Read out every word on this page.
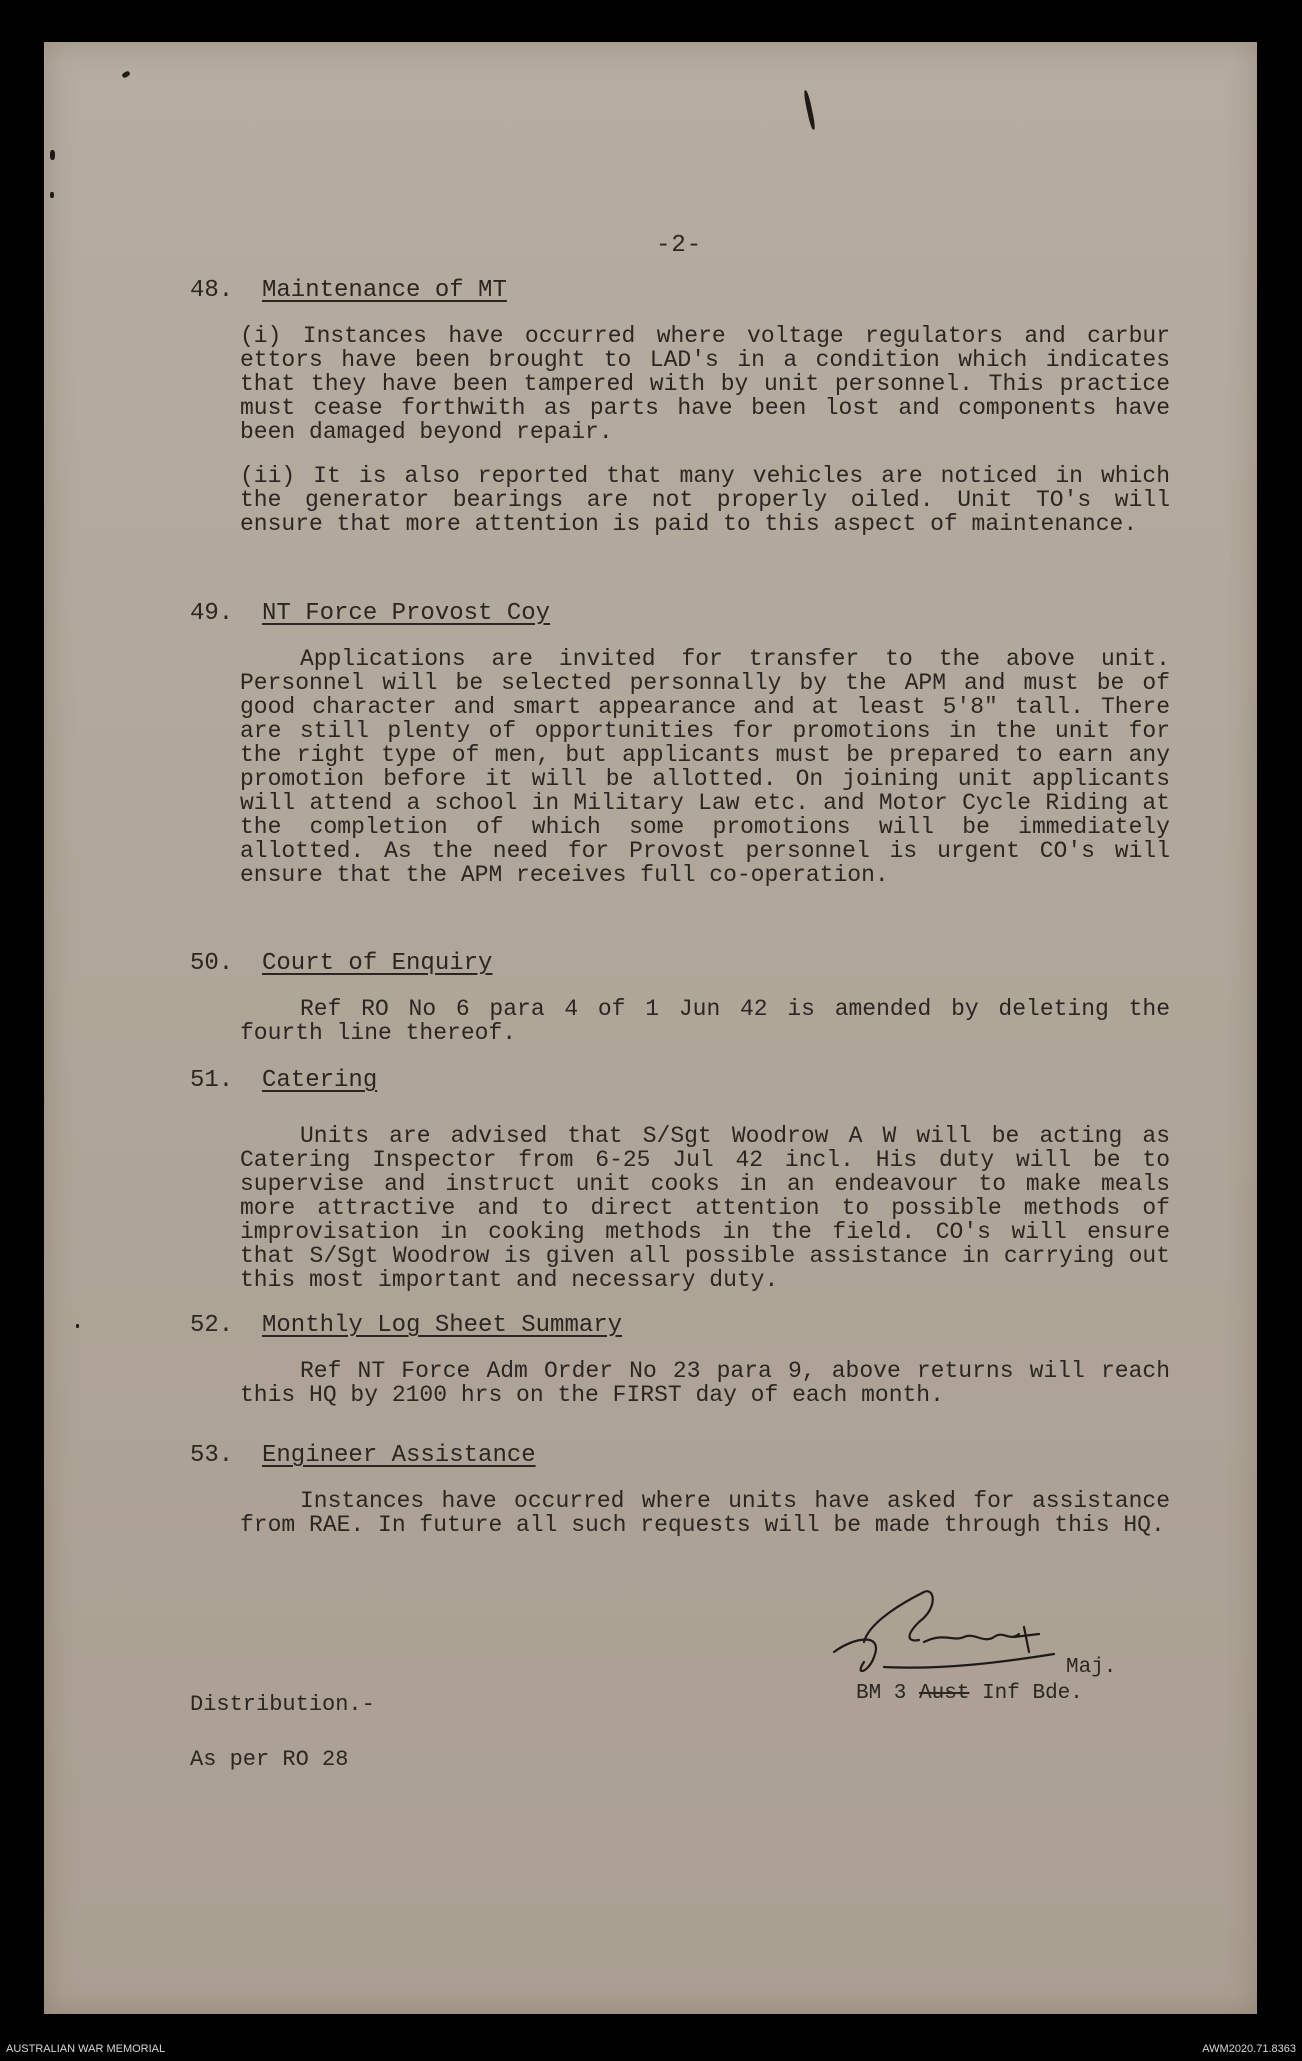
-2-
48. Maintenance of MT
(i) Instances have occurred where voltage regulators and carbur ettors have been brought to LAD's in a condition which indicates that they have been tampered with by unit personnel. This practice must cease forthwith as parts have been lost and components have been damaged beyond repair.
(ii) It is also reported that many vehicles are noticed in which the generator bearings are not properly oiled. Unit TO's will ensure that more attention is paid to this aspect of maintenance.
49. NT Force Provost Coy
Applications are invited for transfer to the above unit. Personnel will be selected personnally by the APM and must be of good character and smart appearance and at least 5'8" tall. There are still plenty of opportunities for promotions in the unit for the right type of men, but applicants must be prepared to earn any promotion before it will be allotted. On joining unit applicants will attend a school in Military Law etc. and Motor Cycle Riding at the completion of which some promotions will be immediately allotted. As the need for Provost personnel is urgent CO's will ensure that the APM receives full co-operation.
50. Court of Enquiry
Ref RO No 6 para 4 of 1 Jun 42 is amended by deleting the fourth line thereof.
51. Catering
Units are advised that S/Sgt Woodrow A W will be acting as Catering Inspector from 6-25 Jul 42 incl. His duty will be to supervise and instruct unit cooks in an endeavour to make meals more attractive and to direct attention to possible methods of improvisation in cooking methods in the field. CO's will ensure that S/Sgt Woodrow is given all possible assistance in carrying out this most important and necessary duty.
52. Monthly Log Sheet Summary
Ref NT Force Adm Order No 23 para 9, above returns will reach this HQ by 2100 hrs on the FIRST day of each month.
53. Engineer Assistance
Instances have occurred where units have asked for assistance from RAE. In future all such requests will be made through this HQ.
Maj.
BM 3 Aust Inf Bde.
Distribution.-
As per RO 28
AUSTRALIAN WAR MEMORIAL	AWM2020.71.8363
